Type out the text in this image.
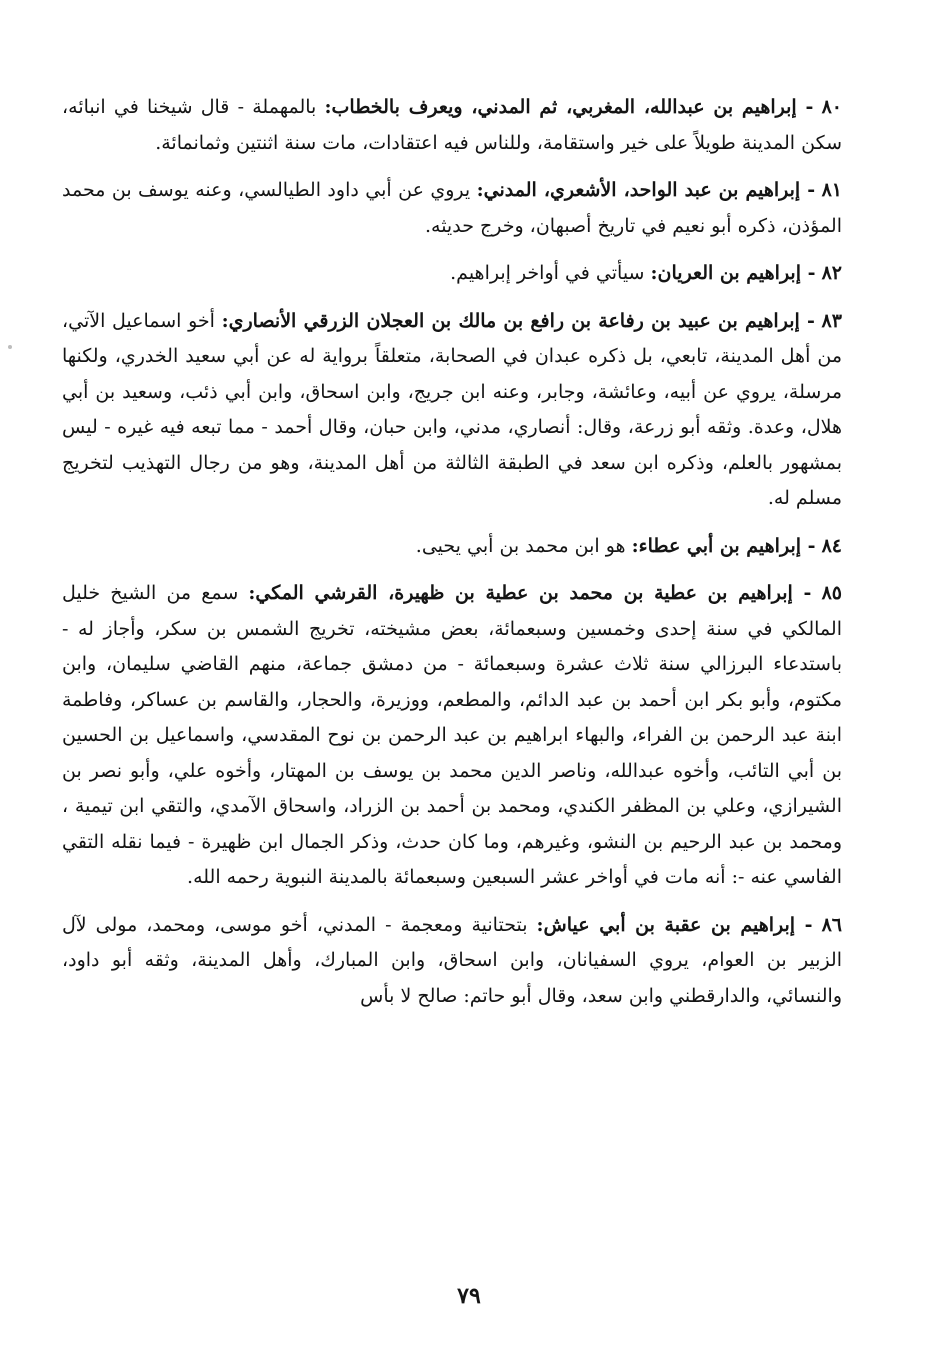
٨٠ - إبراهيم بن عبدالله، المغربي، ثم المدني، ويعرف بالخطاب: بالمهملة - قال شيخنا في انبائه، سكن المدينة طويلاً على خير واستقامة، وللناس فيه اعتقادات، مات سنة اثنتين وثمانمائة.

٨١ - إبراهيم بن عبد الواحد، الأشعري، المدني: يروي عن أبي داود الطيالسي، وعنه يوسف بن محمد المؤذن، ذكره أبو نعيم في تاريخ أصبهان، وخرج حديثه.

٨٢ - إبراهيم بن العريان: سيأتي في أواخر إبراهيم.

٨٣ - إبراهيم بن عبيد بن رفاعة بن رافع بن مالك بن العجلان الزرقي الأنصاري: أخو اسماعيل الآتي، من أهل المدينة، تابعي، بل ذكره عبدان في الصحابة، متعلقاً برواية له عن أبي سعيد الخدري، ولكنها مرسلة، يروي عن أبيه، وعائشة، وجابر، وعنه ابن جريج، وابن اسحاق، وابن أبي ذئب، وسعيد بن أبي هلال، وعدة. وثقه أبو زرعة، وقال: أنصاري، مدني، وابن حبان، وقال أحمد - مما تبعه فيه غيره - ليس بمشهور بالعلم، وذكره ابن سعد في الطبقة الثالثة من أهل المدينة، وهو من رجال التهذيب لتخريج مسلم له.

٨٤ - إبراهيم بن أبي عطاء: هو ابن محمد بن أبي يحيى.

٨٥ - إبراهيم بن عطية بن محمد بن عطية بن ظهيرة، القرشي المكي: سمع من الشيخ خليل المالكي في سنة إحدى وخمسين وسبعمائة، بعض مشيخته، تخريج الشمس بن سكر، وأجاز له - باستدعاء البرزالي سنة ثلاث عشرة وسبعمائة - من دمشق جماعة، منهم القاضي سليمان، وابن مكتوم، وأبو بكر ابن أحمد بن عبد الدائم، والمطعم، ووزيرة، والحجار، والقاسم بن عساكر، وفاطمة ابنة عبد الرحمن بن الفراء، والبهاء ابراهيم بن عبد الرحمن بن نوح المقدسي، واسماعيل بن الحسين بن أبي التائب، وأخوه عبدالله، وناصر الدين محمد بن يوسف بن المهتار، وأخوه علي، وأبو نصر بن الشيرازي، وعلي بن المظفر الكندي، ومحمد بن أحمد بن الزراد، واسحاق الآمدي، والتقي ابن تيمية ، ومحمد بن عبد الرحيم بن النشو، وغيرهم، وما كان حدث، وذكر الجمال ابن ظهيرة - فيما نقله التقي الفاسي عنه -: أنه مات في أواخر عشر السبعين وسبعمائة بالمدينة النبوية رحمه الله.

٨٦ - إبراهيم بن عقبة بن أبي عياش: بتحتانية ومعجمة - المدني، أخو موسى، ومحمد، مولى لآل الزبير بن العوام، يروي السفيانان، وابن اسحاق، وابن المبارك، وأهل المدينة، وثقه أبو داود، والنسائي، والدارقطني وابن سعد، وقال أبو حاتم: صالح لا بأس

٧٩
